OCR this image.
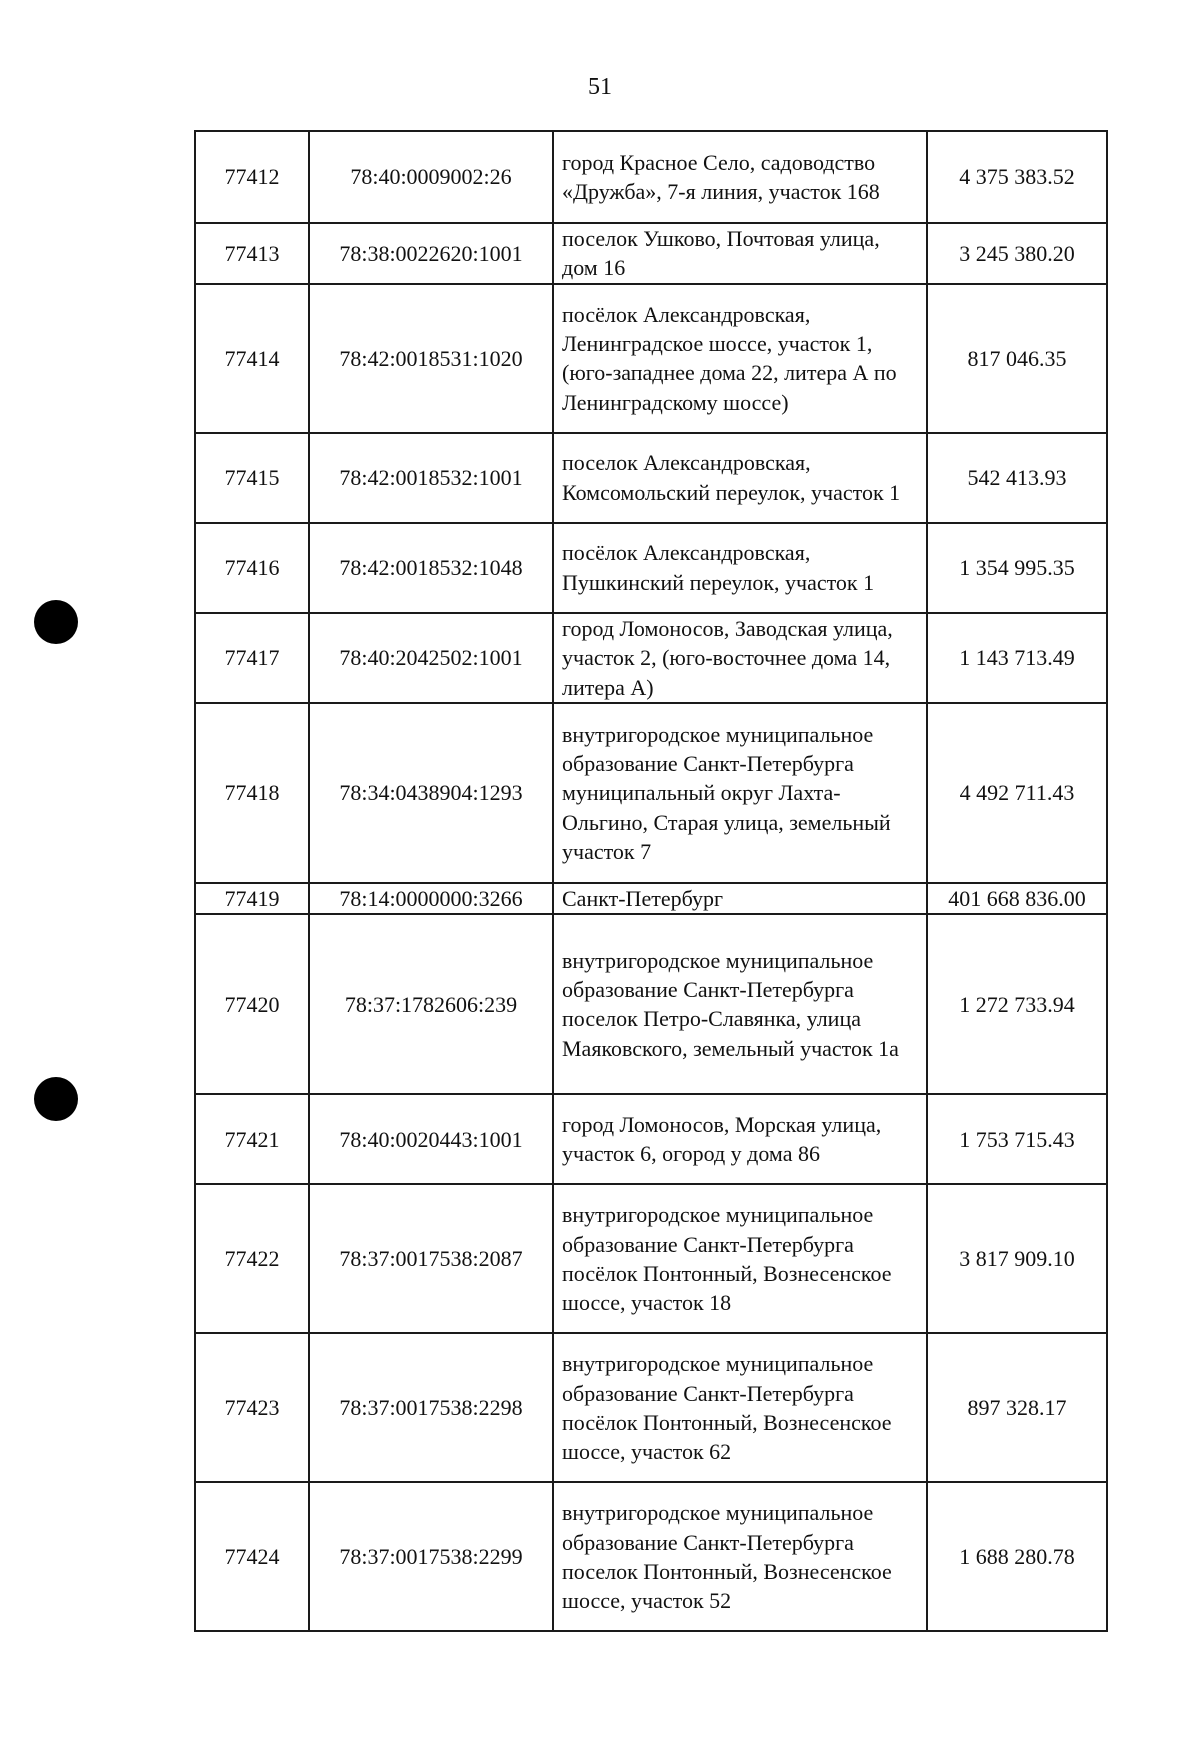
51
77412	78:40:0009002:26	город Красное Село, садоводство «Дружба», 7-я линия, участок 168	4 375 383.52
77413	78:38:0022620:1001	поселок Ушково, Почтовая улица, дом 16	3 245 380.20
77414	78:42:0018531:1020	посёлок Александровская, Ленинградское шоссе, участок 1, (юго-западнее дома 22, литера А по Ленинградскому шоссе)	817 046.35
77415	78:42:0018532:1001	поселок Александровская, Комсомольский переулок, участок 1	542 413.93
77416	78:42:0018532:1048	посёлок Александровская, Пушкинский переулок, участок 1	1 354 995.35
77417	78:40:2042502:1001	город Ломоносов, Заводская улица, участок 2, (юго-восточнее дома 14, литера А)	1 143 713.49
77418	78:34:0438904:1293	внутригородское муниципальное образование Санкт-Петербурга муниципальный округ Лахта-Ольгино, Старая улица, земельный участок 7	4 492 711.43
77419	78:14:0000000:3266	Санкт-Петербург	401 668 836.00
77420	78:37:1782606:239	внутригородское муниципальное образование Санкт-Петербурга поселок Петро-Славянка, улица Маяковского, земельный участок 1а	1 272 733.94
77421	78:40:0020443:1001	город Ломоносов, Морская улица, участок 6, огород у дома 86	1 753 715.43
77422	78:37:0017538:2087	внутригородское муниципальное образование Санкт-Петербурга посёлок Понтонный, Вознесенское шоссе, участок 18	3 817 909.10
77423	78:37:0017538:2298	внутригородское муниципальное образование Санкт-Петербурга посёлок Понтонный, Вознесенское шоссе, участок 62	897 328.17
77424	78:37:0017538:2299	внутригородское муниципальное образование Санкт-Петербурга поселок Понтонный, Вознесенское шоссе, участок 52	1 688 280.78
